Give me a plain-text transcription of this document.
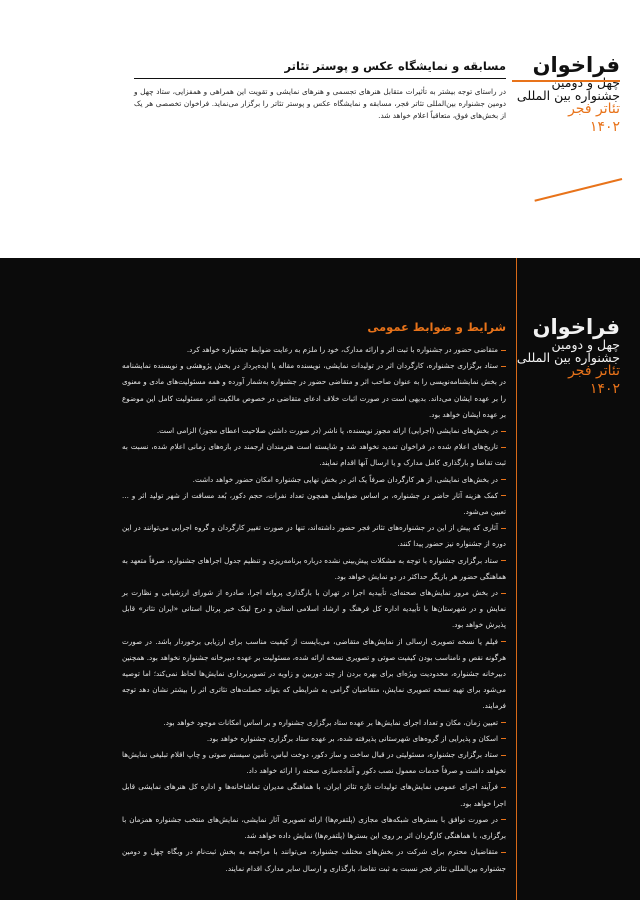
فراخوان
چهل و دومین
جشنواره بین المللی
تئاتر فجر
۱۴۰۲
مسابقه و نمایشگاه عکس و پوستر تئاتر
در راستای توجه بیشتر به تأثیرات متقابل هنرهای تجسمی و هنرهای نمایشی و تقویت این همراهی و همفزایی، ستاد چهل و دومین جشنواره بین‌المللی تئاتر فجر، مسابقه و نمایشگاه عکس و پوستر تئاتر را برگزار می‌نماید. فراخوان تخصصی هر یک از بخش‌های فوق، متعاقباً اعلام خواهد شد.
فراخوان
چهل و دومین
جشنواره بین المللی
تئاتر فجر
۱۴۰۲
شرایط و ضوابط عمومی
متقاضی حضور در جشنواره با ثبت اثر و ارائه مدارک، خود را ملزم به رعایت ضوابط جشنواره خواهد کرد.
ستاد برگزاری جشنواره، کارگردان اثر در تولیدات نمایشی، نویسنده مقاله یا ایده‌پرداز در بخش پژوهشی و نویسنده نمایشنامه در بخش نمایشنامه‌نویسی را به عنوان صاحب اثر و متقاضی حضور در جشنواره به‌شمار آورده و همه مسئولیت‌های مادی و معنوی را بر عهده ایشان می‌داند. بدیهی است در صورت اثبات خلاف ادعای متقاضی در خصوص مالکیت اثر، مسئولیت کامل این موضوع بر عهده ایشان خواهد بود.
در بخش‌های نمایشی (اجرایی) ارائه مجوز نویسنده، یا ناشر (در صورت داشتن صلاحیت اعطای مجوز) الزامی است.
تاریخ‌های اعلام شده در فراخوان تمدید نخواهد شد و شایسته است هنرمندان ارجمند در بازه‌های زمانی اعلام شده، نسبت به ثبت تقاضا و بارگذاری کامل مدارک و یا ارسال آنها اقدام نمایند.
در بخش‌های نمایشی، از هر کارگردان صرفاً یک اثر در بخش نهایی جشنواره امکان حضور خواهد داشت.
کمک هزینه آثار حاضر در جشنواره، بر اساس ضوابطی همچون تعداد نفرات، حجم دکور، بُعد مسافت از شهر تولید اثر و ... تعیین می‌شود.
آثاری که پیش از این در جشنواره‌های تئاتر فجر حضور داشته‌اند، تنها در صورت تغییر کارگردان و گروه اجرایی می‌توانند در این دوره از جشنواره نیز حضور پیدا کنند.
ستاد برگزاری جشنواره با توجه به مشکلات پیش‌بینی نشده درباره برنامه‌ریزی و تنظیم جدول اجراهای جشنواره، صرفاً متعهد به هماهنگی حضور هر بازیگر حداکثر در دو نمایش خواهد بود.
در بخش مرور نمایش‌های صحنه‌ای، تأییدیه اجرا در تهران با بارگذاری پروانه اجرا، صادره از شورای ارزشیابی و نظارت بر نمایش و در شهرستان‌ها با تأییدیه اداره کل فرهنگ و ارشاد اسلامی استان و درج لینک خبر پرتال استانی «ایران تئاتر» قابل پذیرش خواهد بود.
فیلم یا نسخه تصویری ارسالی از نمایش‌های متقاضی، می‌بایست از کیفیت مناسب برای ارزیابی برخوردار باشد. در صورت هرگونه نقص و نامناسب بودن کیفیت صوتی و تصویری نسخه ارائه شده، مسئولیت بر عهده دبیرخانه جشنواره نخواهد بود. همچنین دبیرخانه جشنواره، محدودیت ویژه‌ای برای بهره بردن از چند دوربین و زاویه در تصویربرداری نمایش‌ها لحاظ نمی‌کند؛ اما توصیه می‌شود برای تهیه نسخه تصویری نمایش، متقاضیان گرامی به شرایطی که بتواند خصلت‌های تئاتری اثر را بیشتر نشان دهد توجه فرمایند.
تعیین زمان، مکان و تعداد اجرای نمایش‌ها بر عهده ستاد برگزاری جشنواره و بر اساس امکانات موجود خواهد بود.
اسکان و پذیرایی از گروه‌های شهرستانی پذیرفته شده، بر عهده ستاد برگزاری جشنواره خواهد بود.
ستاد برگزاری جشنواره، مسئولیتی در قبال ساخت و ساز دکور، دوخت لباس، تأمین سیستم صوتی و چاپ اقلام تبلیغی نمایش‌ها نخواهد داشت و صرفاً خدمات معمول نصب دکور و آماده‌سازی صحنه را ارائه خواهد داد.
فرآیند اجرای عمومی نمایش‌های تولیدات تازه تئاتر ایران، با هماهنگی مدیران تماشاخانه‌ها و اداره کل هنرهای نمایشی قابل اجرا خواهد بود.
در صورت توافق با بسترهای شبکه‌های مجازی (پلتفرم‌ها) ارائه تصویری آثار نمایشی، نمایش‌های منتخب جشنواره همزمان با برگزاری، با هماهنگی کارگردان اثر بر روی این بسترها (پلتفرم‌ها) نمایش داده خواهد شد.
متقاضیان محترم برای شرکت در بخش‌های مختلف جشنواره، می‌توانند با مراجعه به بخش ثبت‌نام در وبگاه چهل و دومین جشنواره بین‌المللی تئاتر فجر نسبت به ثبت تقاضا، بارگذاری و ارسال سایر مدارک اقدام نمایند.
